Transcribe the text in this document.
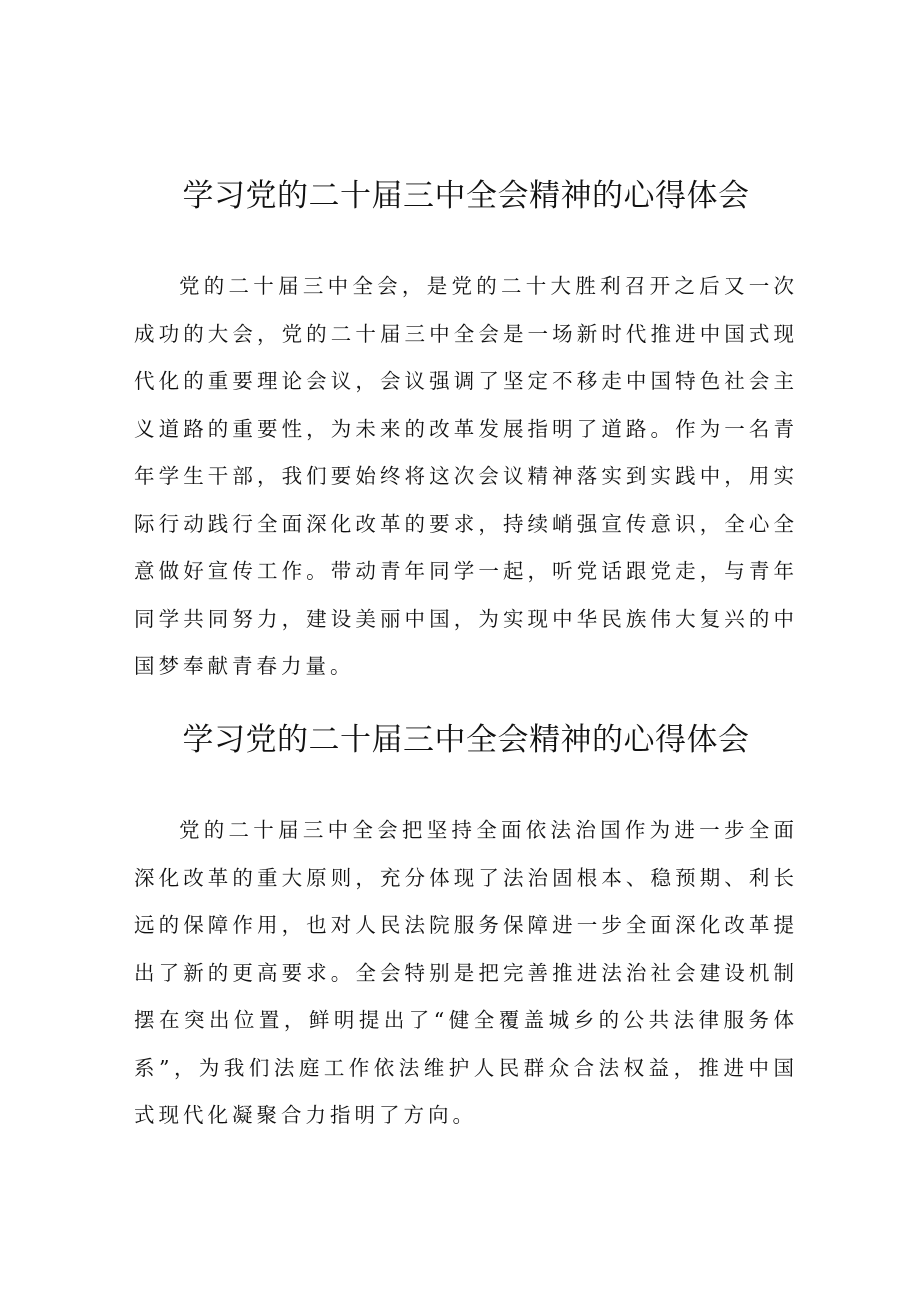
学习党的二十届三中全会精神的心得体会

党的二十届三中全会，是党的二十大胜利召开之后又一次成功的大会，党的二十届三中全会是一场新时代推进中国式现代化的重要理论会议，会议强调了坚定不移走中国特色社会主义道路的重要性，为未来的改革发展指明了道路。作为一名青年学生干部，我们要始终将这次会议精神落实到实践中，用实际行动践行全面深化改革的要求，持续峭强宣传意识，全心全意做好宣传工作。带动青年同学一起，听党话跟党走，与青年同学共同努力，建设美丽中国，为实现中华民族伟大复兴的中国梦奉献青春力量。

学习党的二十届三中全会精神的心得体会

党的二十届三中全会把坚持全面依法治国作为进一步全面深化改革的重大原则，充分体现了法治固根本、稳预期、利长远的保障作用，也对人民法院服务保障进一步全面深化改革提出了新的更高要求。全会特别是把完善推进法治社会建设机制摆在突出位置，鲜明提出了“健全覆盖城乡的公共法律服务体系”，为我们法庭工作依法维护人民群众合法权益，推进中国式现代化凝聚合力指明了方向。
